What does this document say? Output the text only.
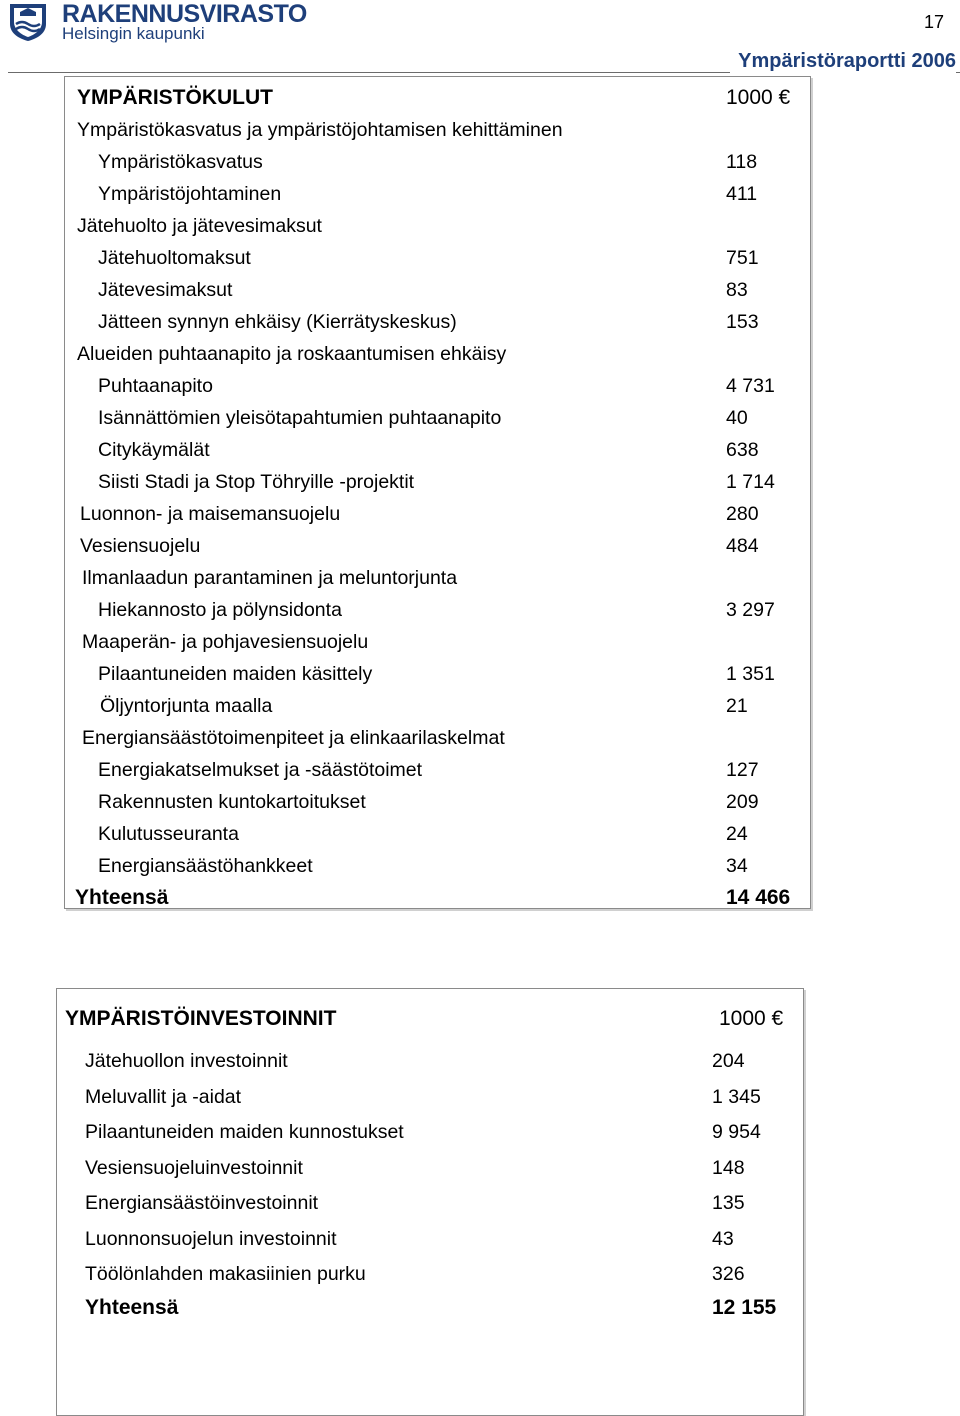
RAKENNUSVIRASTO
Helsingin kaupunki
17
Ympäristöraportti 2006
YMPÄRISTÖKULUT	1000 €
Ympäristökasvatus ja ympäristöjohtamisen kehittäminen
Ympäristökasvatus	118
Ympäristöjohtaminen	411
Jätehuolto ja jätevesimaksut
Jätehuoltomaksut	751
Jätevesimaksut	83
Jätteen synnyn ehkäisy (Kierrätyskeskus)	153
Alueiden puhtaanapito ja roskaantumisen ehkäisy
Puhtaanapito	4 731
Isännättömien yleisötapahtumien puhtaanapito	40
Citykäymälät	638
Siisti Stadi ja Stop Töhryille -projektit	1 714
Luonnon- ja maisemansuojelu	280
Vesiensuojelu	484
Ilmanlaadun parantaminen ja meluntorjunta
Hiekannosto ja pölynsidonta	3 297
Maaperän- ja pohjavesiensuojelu
Pilaantuneiden maiden käsittely	1 351
Öljyntorjunta maalla	21
Energiansäästötoimenpiteet ja elinkaarilaskelmat
Energiakatselmukset ja -säästötoimet	127
Rakennusten kuntokartoitukset	209
Kulutusseuranta	24
Energiansäästöhankkeet	34
Yhteensä	14 466
YMPÄRISTÖINVESTOINNIT	1000 €
Jätehuollon investoinnit	204
Meluvallit ja -aidat	1 345
Pilaantuneiden maiden kunnostukset	9 954
Vesiensuojeluinvestoinnit	148
Energiansäästöinvestoinnit	135
Luonnonsuojelun investoinnit	43
Töölönlahden makasiinien purku	326
Yhteensä	12 155
